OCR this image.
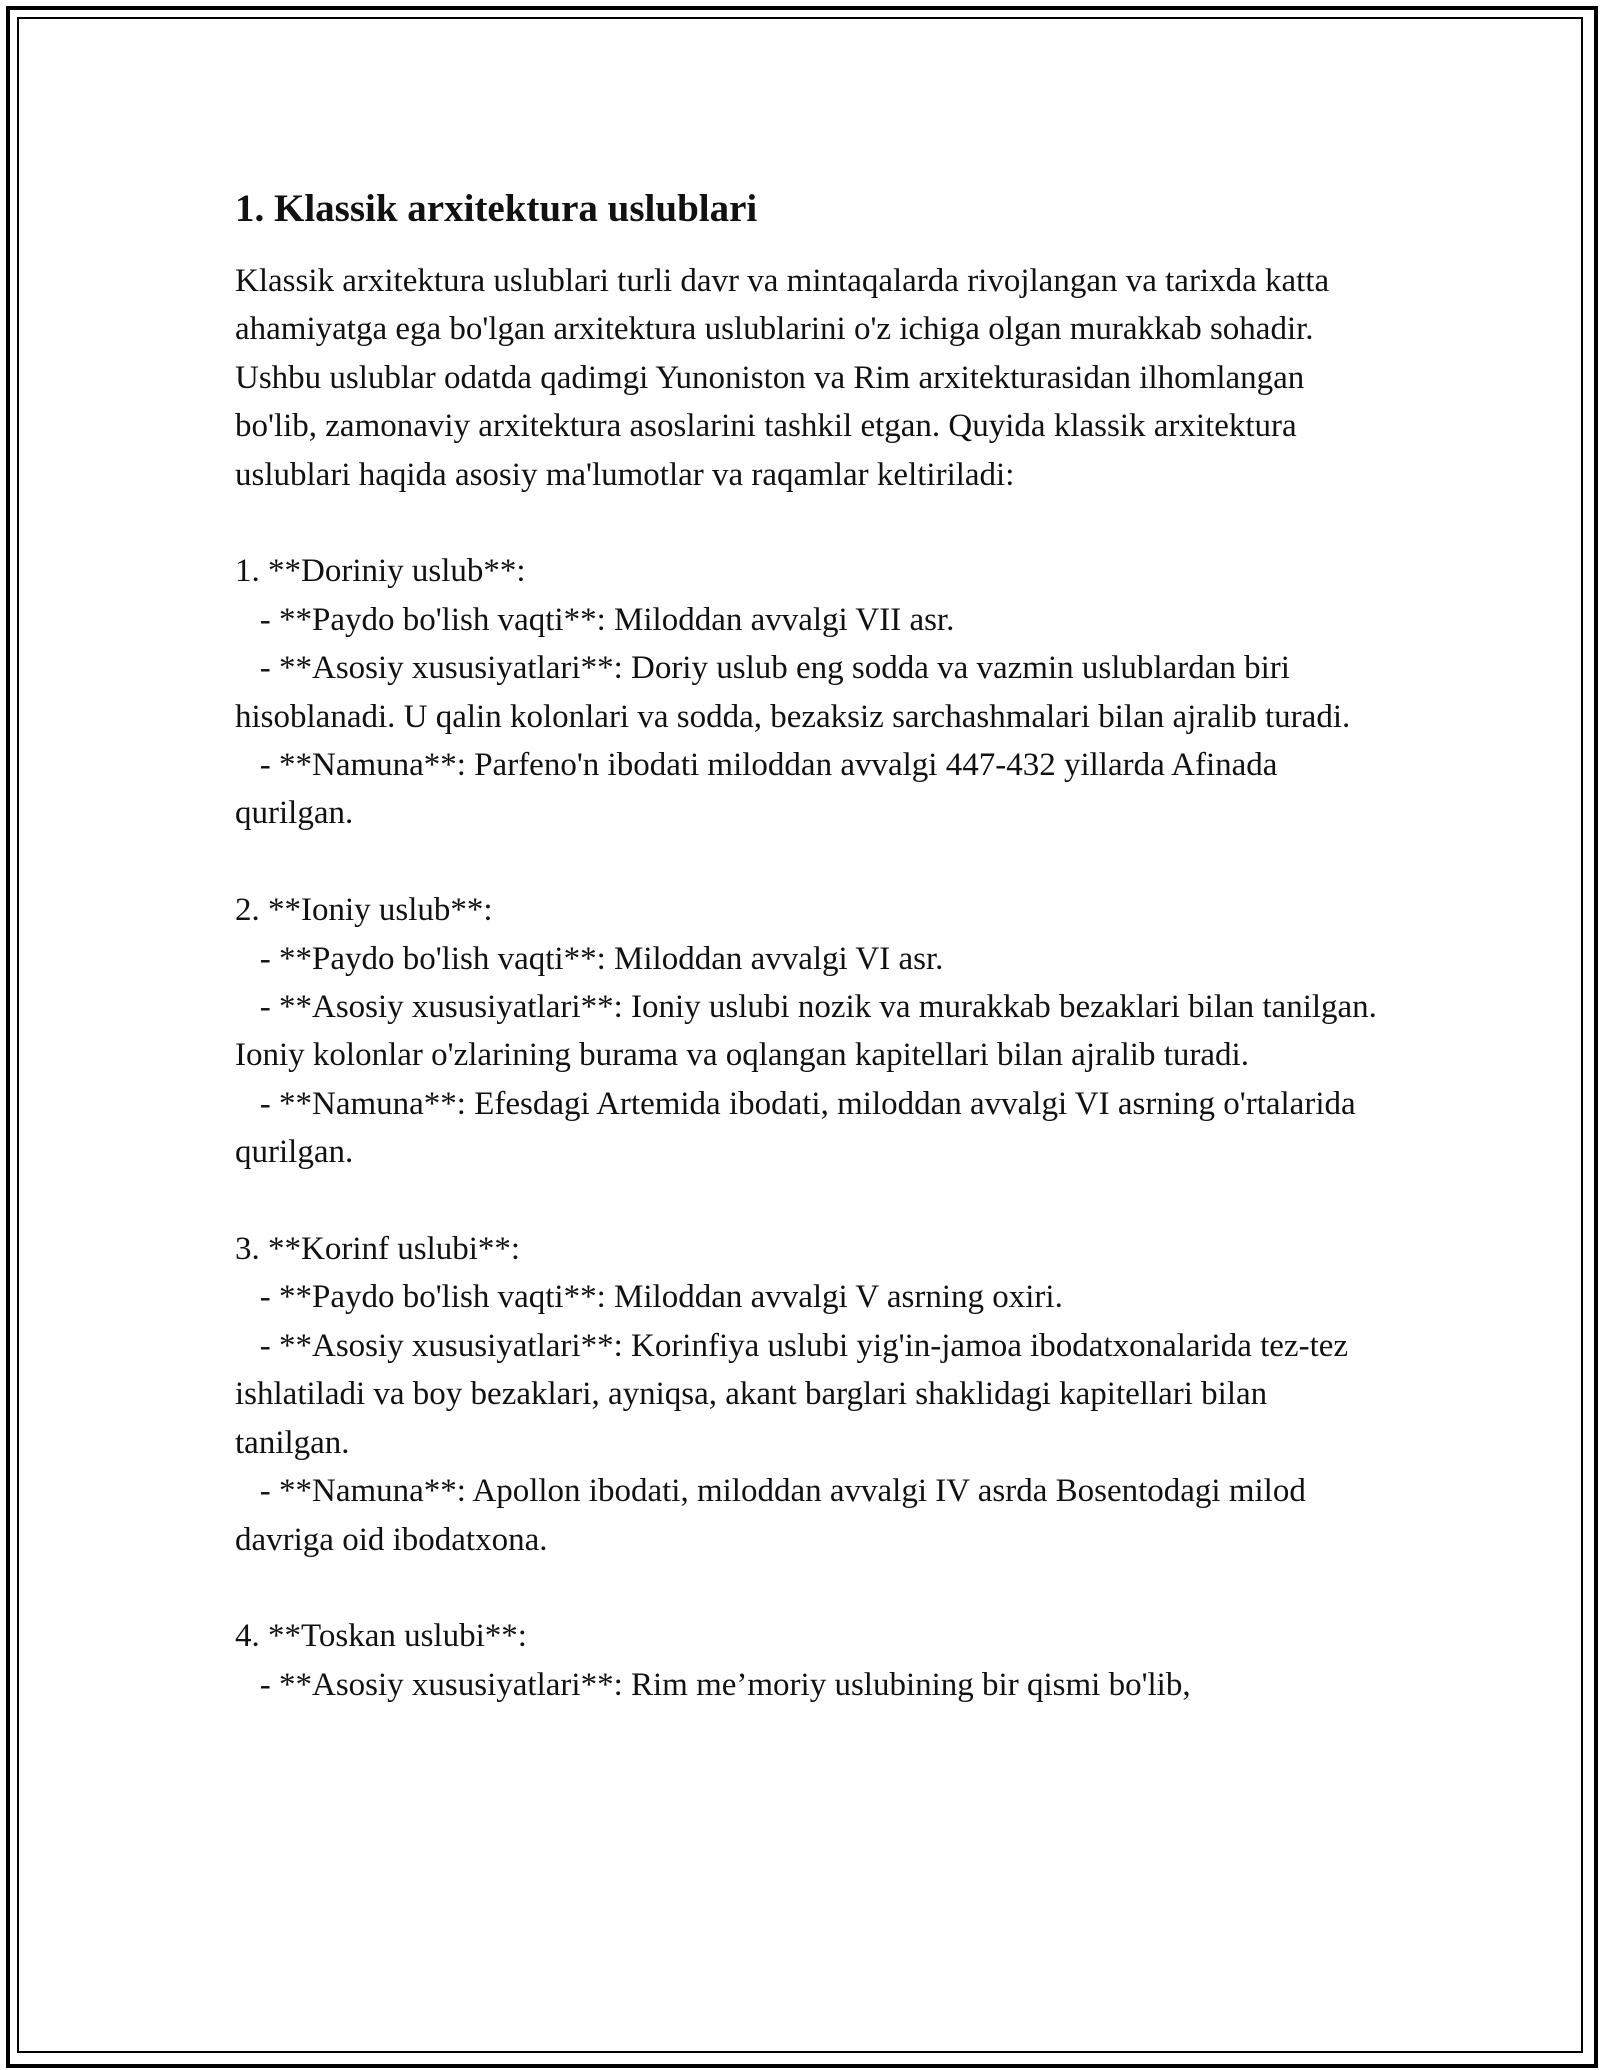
1. Klassik arxitektura uslublari

Klassik arxitektura uslublari turli davr va mintaqalarda rivojlangan va tarixda katta ahamiyatga ega bo'lgan arxitektura uslublarini o'z ichiga olgan murakkab sohadir. Ushbu uslublar odatda qadimgi Yunoniston va Rim arxitekturasidan ilhomlangan bo'lib, zamonaviy arxitektura asoslarini tashkil etgan. Quyida klassik arxitektura uslublari haqida asosiy ma'lumotlar va raqamlar keltiriladi:

1. **Doriniy uslub**:
- **Paydo bo'lish vaqti**: Miloddan avvalgi VII asr.
- **Asosiy xususiyatlari**: Doriy uslub eng sodda va vazmin uslublardan biri hisoblanadi. U qalin kolonlari va sodda, bezaksiz sarchashmalari bilan ajralib turadi.
- **Namuna**: Parfeno'n ibodati miloddan avvalgi 447-432 yillarda Afinada qurilgan.
2. **Ioniy uslub**:
- **Paydo bo'lish vaqti**: Miloddan avvalgi VI asr.
- **Asosiy xususiyatlari**: Ioniy uslubi nozik va murakkab bezaklari bilan tanilgan. Ioniy kolonlar o'zlarining burama va oqlangan kapitellari bilan ajralib turadi.
- **Namuna**: Efesdagi Artemida ibodati, miloddan avvalgi VI asrning o'rtalarida qurilgan.
3. **Korinf uslubi**:
- **Paydo bo'lish vaqti**: Miloddan avvalgi V asrning oxiri.
- **Asosiy xususiyatlari**: Korinfiya uslubi yig'in-jamoa ibodatxonalarida tez-tez ishlatiladi va boy bezaklari, ayniqsa, akant barglari shaklidagi kapitellari bilan tanilgan.
- **Namuna**: Apollon ibodati, miloddan avvalgi IV asrda Bosentodagi milod davriga oid ibodatxona.
4. **Toskan uslubi**:
- **Asosiy xususiyatlari**: Rim me’moriy uslubining bir qismi bo'lib,
